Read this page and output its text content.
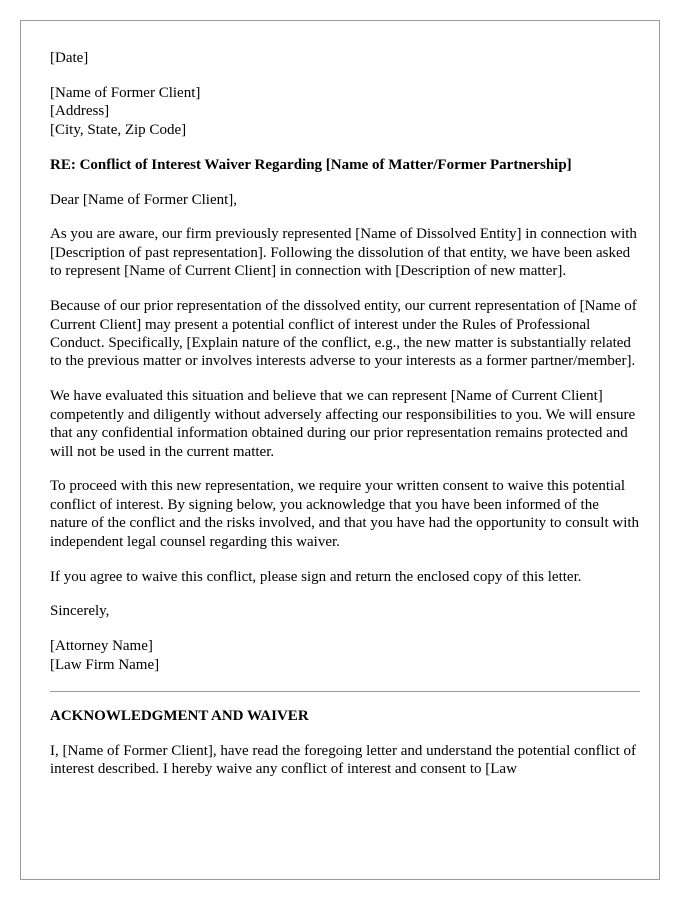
[Date]

[Name of Former Client]
[Address]
[City, State, Zip Code]

RE: Conflict of Interest Waiver Regarding [Name of Matter/Former Partnership]

Dear [Name of Former Client],

As you are aware, our firm previously represented [Name of Dissolved Entity] in connection with [Description of past representation]. Following the dissolution of that entity, we have been asked to represent [Name of Current Client] in connection with [Description of new matter].

Because of our prior representation of the dissolved entity, our current representation of [Name of Current Client] may present a potential conflict of interest under the Rules of Professional Conduct. Specifically, [Explain nature of the conflict, e.g., the new matter is substantially related to the previous matter or involves interests adverse to your interests as a former partner/member].

We have evaluated this situation and believe that we can represent [Name of Current Client] competently and diligently without adversely affecting our responsibilities to you. We will ensure that any confidential information obtained during our prior representation remains protected and will not be used in the current matter.

To proceed with this new representation, we require your written consent to waive this potential conflict of interest. By signing below, you acknowledge that you have been informed of the nature of the conflict and the risks involved, and that you have had the opportunity to consult with independent legal counsel regarding this waiver.

If you agree to waive this conflict, please sign and return the enclosed copy of this letter.

Sincerely,

[Attorney Name]
[Law Firm Name]

ACKNOWLEDGMENT AND WAIVER

I, [Name of Former Client], have read the foregoing letter and understand the potential conflict of interest described. I hereby waive any conflict of interest and consent to [Law
